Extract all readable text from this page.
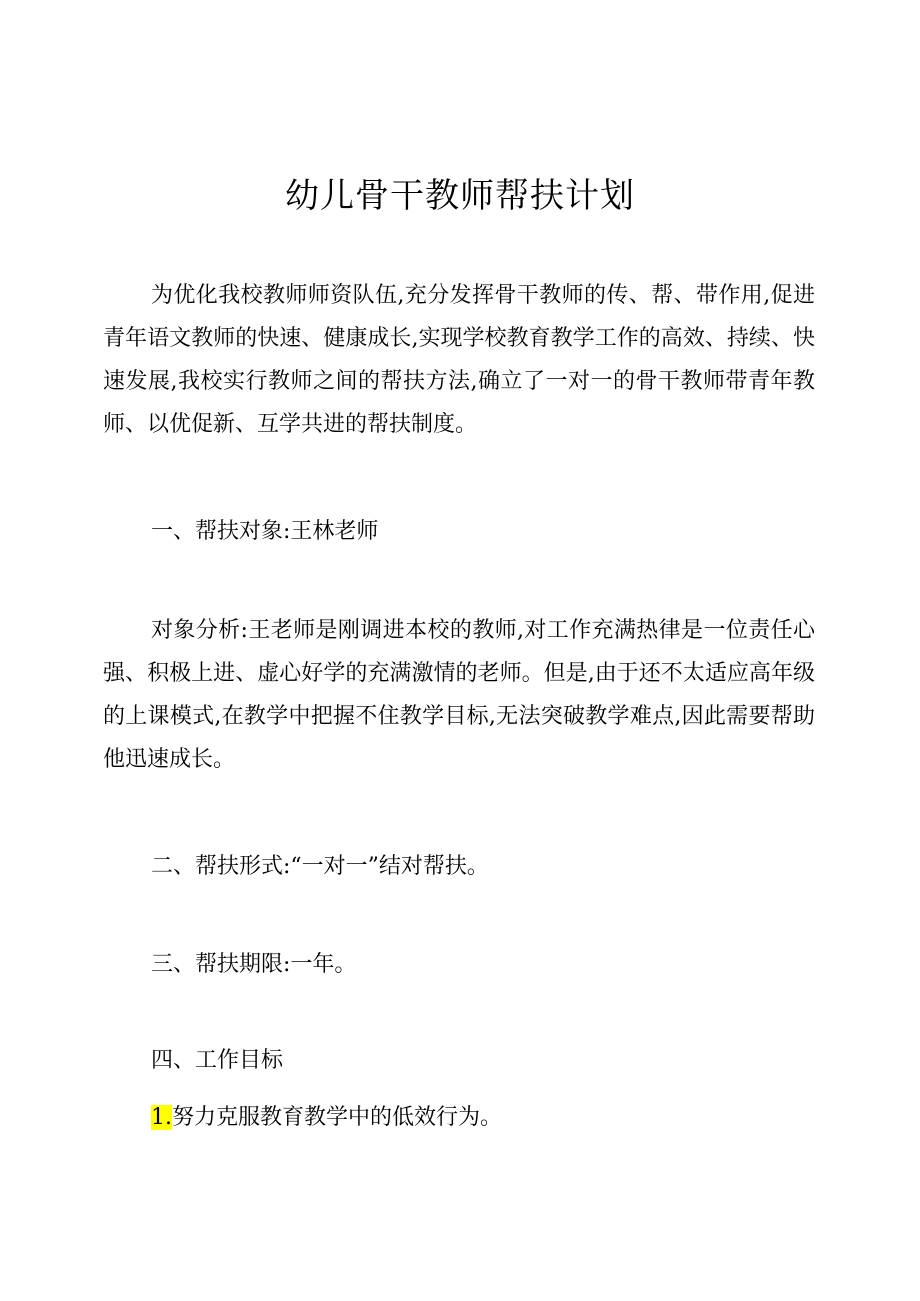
幼儿骨干教师帮扶计划

为优化我校教师师资队伍,充分发挥骨干教师的传、帮、带作用,促进青年语文教师的快速、健康成长,实现学校教育教学工作的高效、持续、快速发展,我校实行教师之间的帮扶方法,确立了一对一的骨干教师带青年教师、以优促新、互学共进的帮扶制度。

一、帮扶对象:王林老师

对象分析:王老师是刚调进本校的教师,对工作充满热律是一位责任心强、积极上进、虚心好学的充满激情的老师。但是,由于还不太适应高年级的上课模式,在教学中把握不住教学目标,无法突破教学难点,因此需要帮助他迅速成长。

二、帮扶形式:“一对一”结对帮扶。

三、帮扶期限:一年。

四、工作目标

1.努力克服教育教学中的低效行为。
